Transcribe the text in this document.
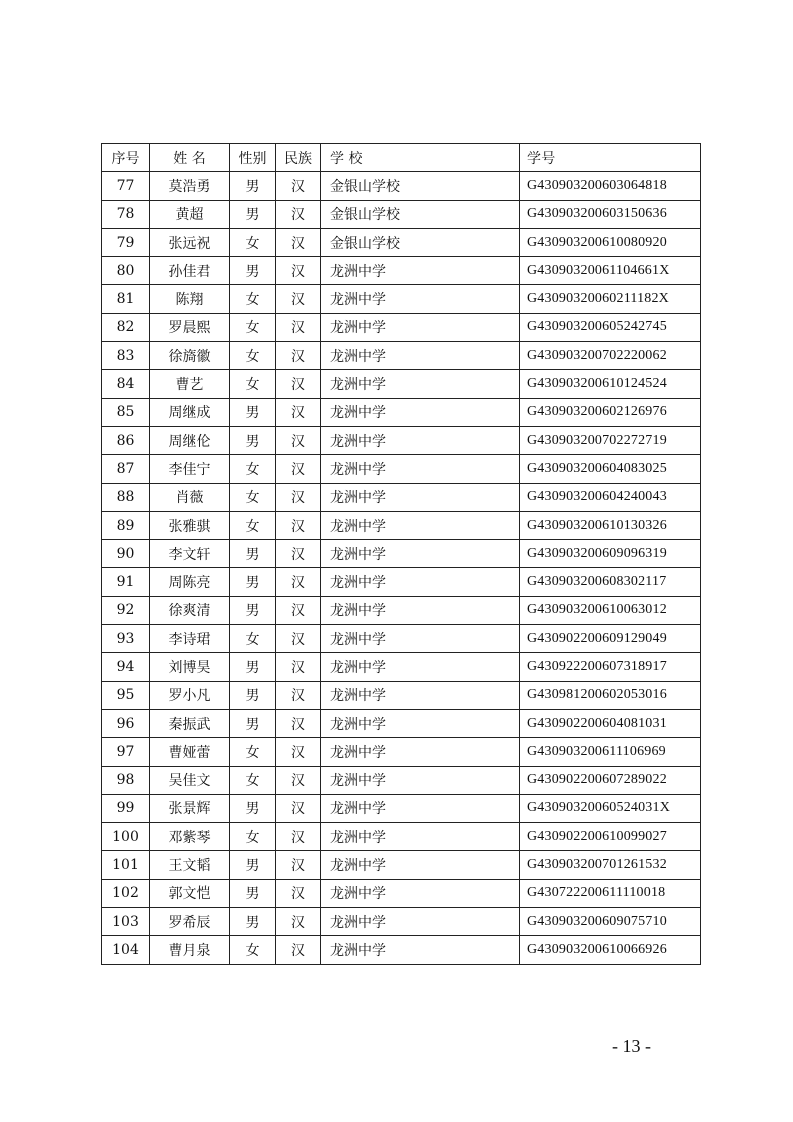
序号	姓 名	性别	民族	学 校	学号
77	莫浩勇	男	汉	金银山学校	G430903200603064818
78	黄超	男	汉	金银山学校	G430903200603150636
79	张远祝	女	汉	金银山学校	G430903200610080920
80	孙佳君	男	汉	龙洲中学	G43090320061104661X
81	陈翔	女	汉	龙洲中学	G43090320060211182X
82	罗晨熙	女	汉	龙洲中学	G430903200605242745
83	徐旖徽	女	汉	龙洲中学	G430903200702220062
84	曹艺	女	汉	龙洲中学	G430903200610124524
85	周继成	男	汉	龙洲中学	G430903200602126976
86	周继伦	男	汉	龙洲中学	G430903200702272719
87	李佳宁	女	汉	龙洲中学	G430903200604083025
88	肖薇	女	汉	龙洲中学	G430903200604240043
89	张雅骐	女	汉	龙洲中学	G430903200610130326
90	李文轩	男	汉	龙洲中学	G430903200609096319
91	周陈亮	男	汉	龙洲中学	G430903200608302117
92	徐爽清	男	汉	龙洲中学	G430903200610063012
93	李诗珺	女	汉	龙洲中学	G430902200609129049
94	刘博昊	男	汉	龙洲中学	G430922200607318917
95	罗小凡	男	汉	龙洲中学	G430981200602053016
96	秦振武	男	汉	龙洲中学	G430902200604081031
97	曹娅蕾	女	汉	龙洲中学	G430903200611106969
98	吴佳文	女	汉	龙洲中学	G430902200607289022
99	张景辉	男	汉	龙洲中学	G43090320060524031X
100	邓紫琴	女	汉	龙洲中学	G430902200610099027
101	王文韬	男	汉	龙洲中学	G430903200701261532
102	郭文恺	男	汉	龙洲中学	G430722200611110018
103	罗希辰	男	汉	龙洲中学	G430903200609075710
104	曹月泉	女	汉	龙洲中学	G430903200610066926
- 13 -
